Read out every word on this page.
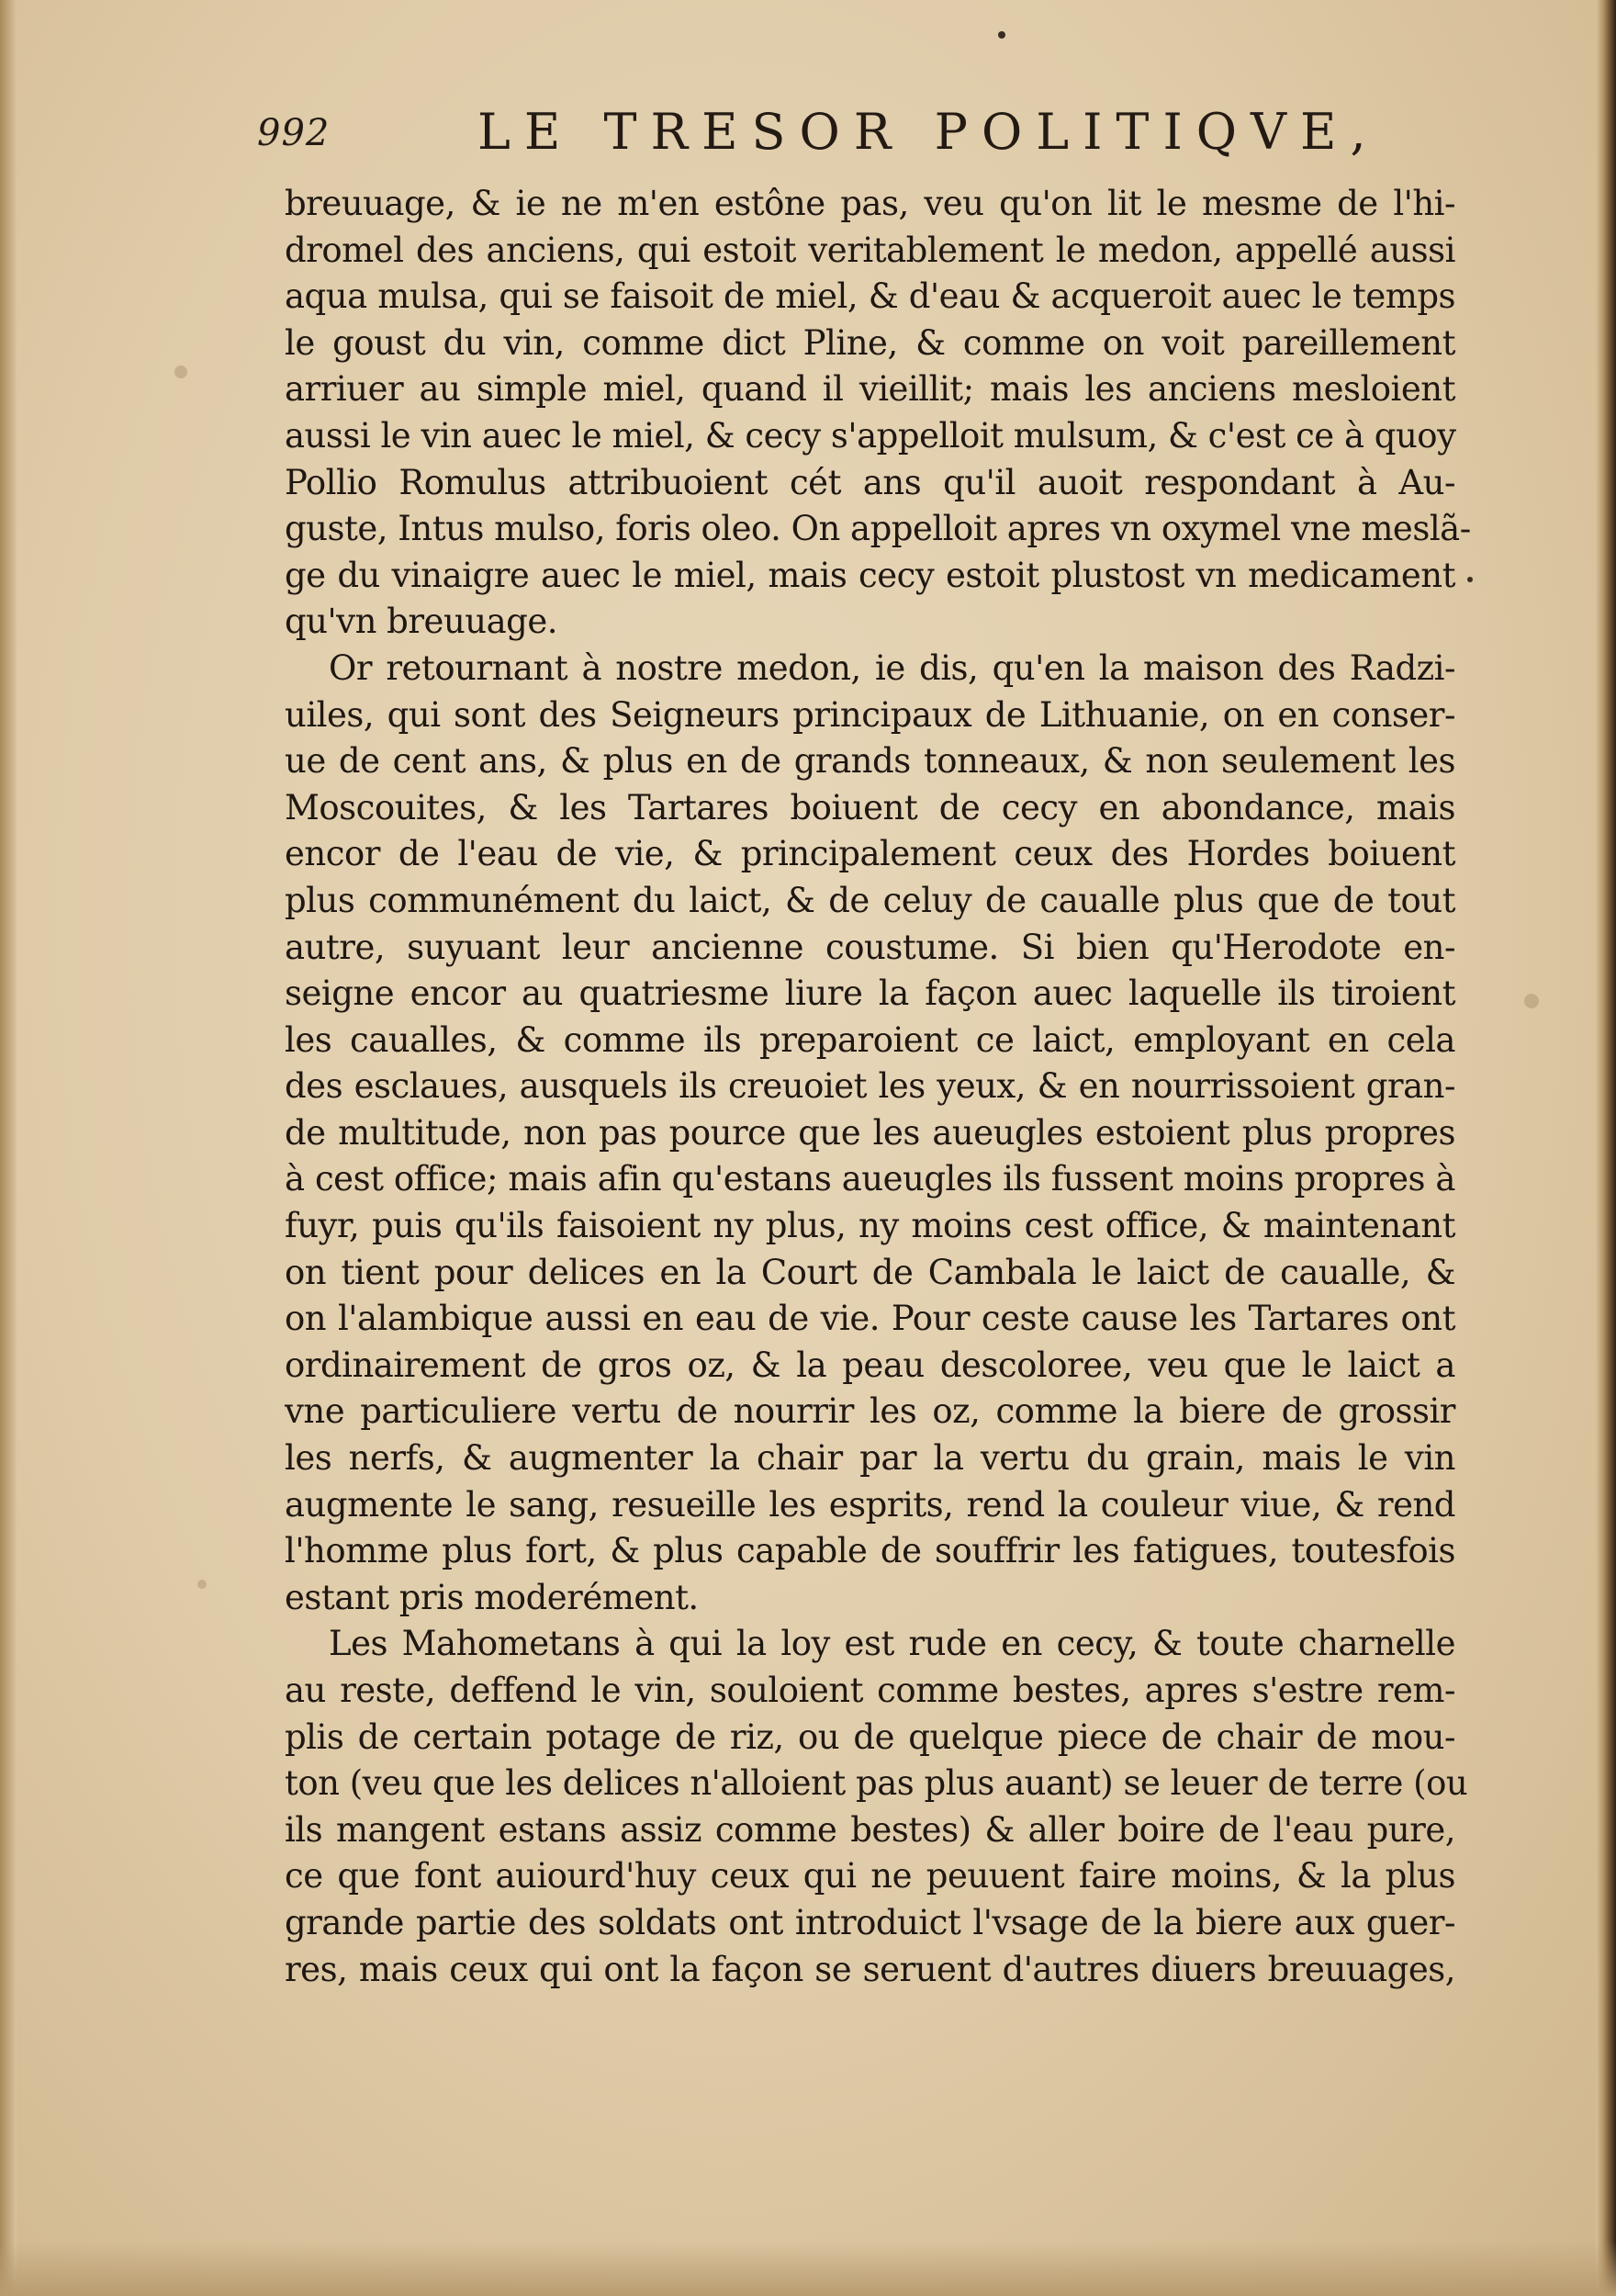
992	LE TRESOR POLITIQVE,
breuuage, & ie ne m'en estône pas, veu qu'on lit le mesme de l'hi-
dromel des anciens, qui estoit veritablement le medon, appellé aussi
aqua mulsa, qui se faisoit de miel, & d'eau & acqueroit auec le temps
le goust du vin, comme dict Pline, & comme on voit pareillement
arriuer au simple miel, quand il vieillit; mais les anciens mesloient
aussi le vin auec le miel, & cecy s'appelloit mulsum, & c'est ce à quoy
Pollio Romulus attribuoient cét ans qu'il auoit respondant à Au-
guste, Intus mulso, foris oleo. On appelloit apres vn oxymel vne meslã-
ge du vinaigre auec le miel, mais cecy estoit plustost vn medicament
qu'vn breuuage.
Or retournant à nostre medon, ie dis, qu'en la maison des Radzi-
uiles, qui sont des Seigneurs principaux de Lithuanie, on en conser-
ue de cent ans, & plus en de grands tonneaux, & non seulement les
Moscouites, & les Tartares boiuent de cecy en abondance, mais
encor de l'eau de vie, & principalement ceux des Hordes boiuent
plus communément du laict, & de celuy de caualle plus que de tout
autre, suyuant leur ancienne coustume. Si bien qu'Herodote en-
seigne encor au quatriesme liure la façon auec laquelle ils tiroient
les caualles, & comme ils preparoient ce laict, employant en cela
des esclaues, ausquels ils creuoiet les yeux, & en nourrissoient gran-
de multitude, non pas pource que les aueugles estoient plus propres
à cest office; mais afin qu'estans aueugles ils fussent moins propres à
fuyr, puis qu'ils faisoient ny plus, ny moins cest office, & maintenant
on tient pour delices en la Court de Cambala le laict de caualle, &
on l'alambique aussi en eau de vie. Pour ceste cause les Tartares ont
ordinairement de gros oz, & la peau descoloree, veu que le laict a
vne particuliere vertu de nourrir les oz, comme la biere de grossir
les nerfs, & augmenter la chair par la vertu du grain, mais le vin
augmente le sang, resueille les esprits, rend la couleur viue, & rend
l'homme plus fort, & plus capable de souffrir les fatigues, toutesfois
estant pris moderément.
Les Mahometans à qui la loy est rude en cecy, & toute charnelle
au reste, deffend le vin, souloient comme bestes, apres s'estre rem-
plis de certain potage de riz, ou de quelque piece de chair de mou-
ton (veu que les delices n'alloient pas plus auant) se leuer de terre (ou
ils mangent estans assiz comme bestes) & aller boire de l'eau pure,
ce que font auiourd'huy ceux qui ne peuuent faire moins, & la plus
grande partie des soldats ont introduict l'vsage de la biere aux guer-
res, mais ceux qui ont la façon se seruent d'autres diuers breuuages,
